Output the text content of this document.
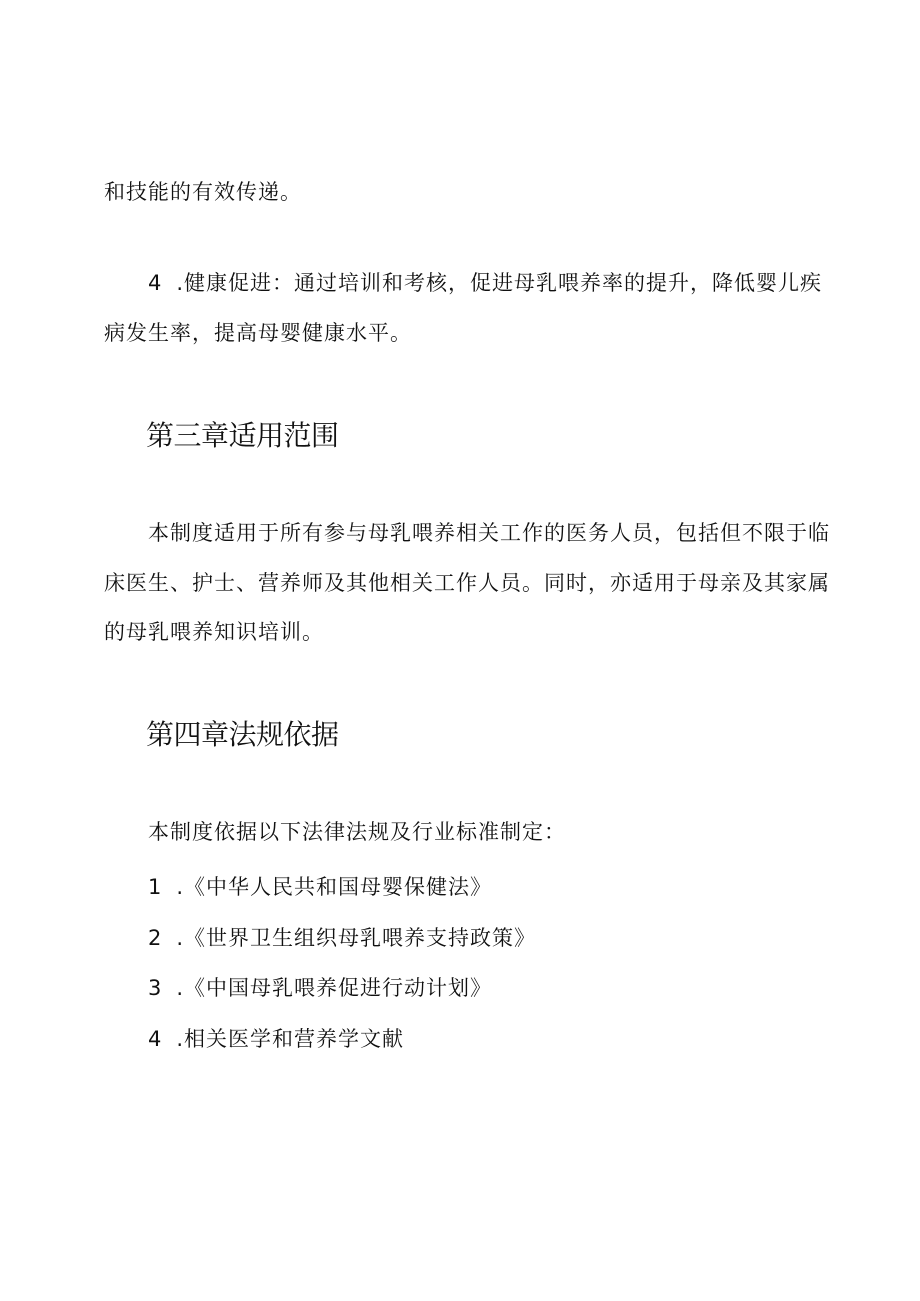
和技能的有效传递。
4 .健康促进：通过培训和考核，促进母乳喂养率的提升，降低婴儿疾
病发生率，提高母婴健康水平。
第三章适用范围
本制度适用于所有参与母乳喂养相关工作的医务人员，包括但不限于临
床医生、护士、营养师及其他相关工作人员。同时，亦适用于母亲及其家属
的母乳喂养知识培训。
第四章法规依据
本制度依据以下法律法规及行业标准制定：
1 .《中华人民共和国母婴保健法》
2 .《世界卫生组织母乳喂养支持政策》
3 .《中国母乳喂养促进行动计划》
4 .相关医学和营养学文献
